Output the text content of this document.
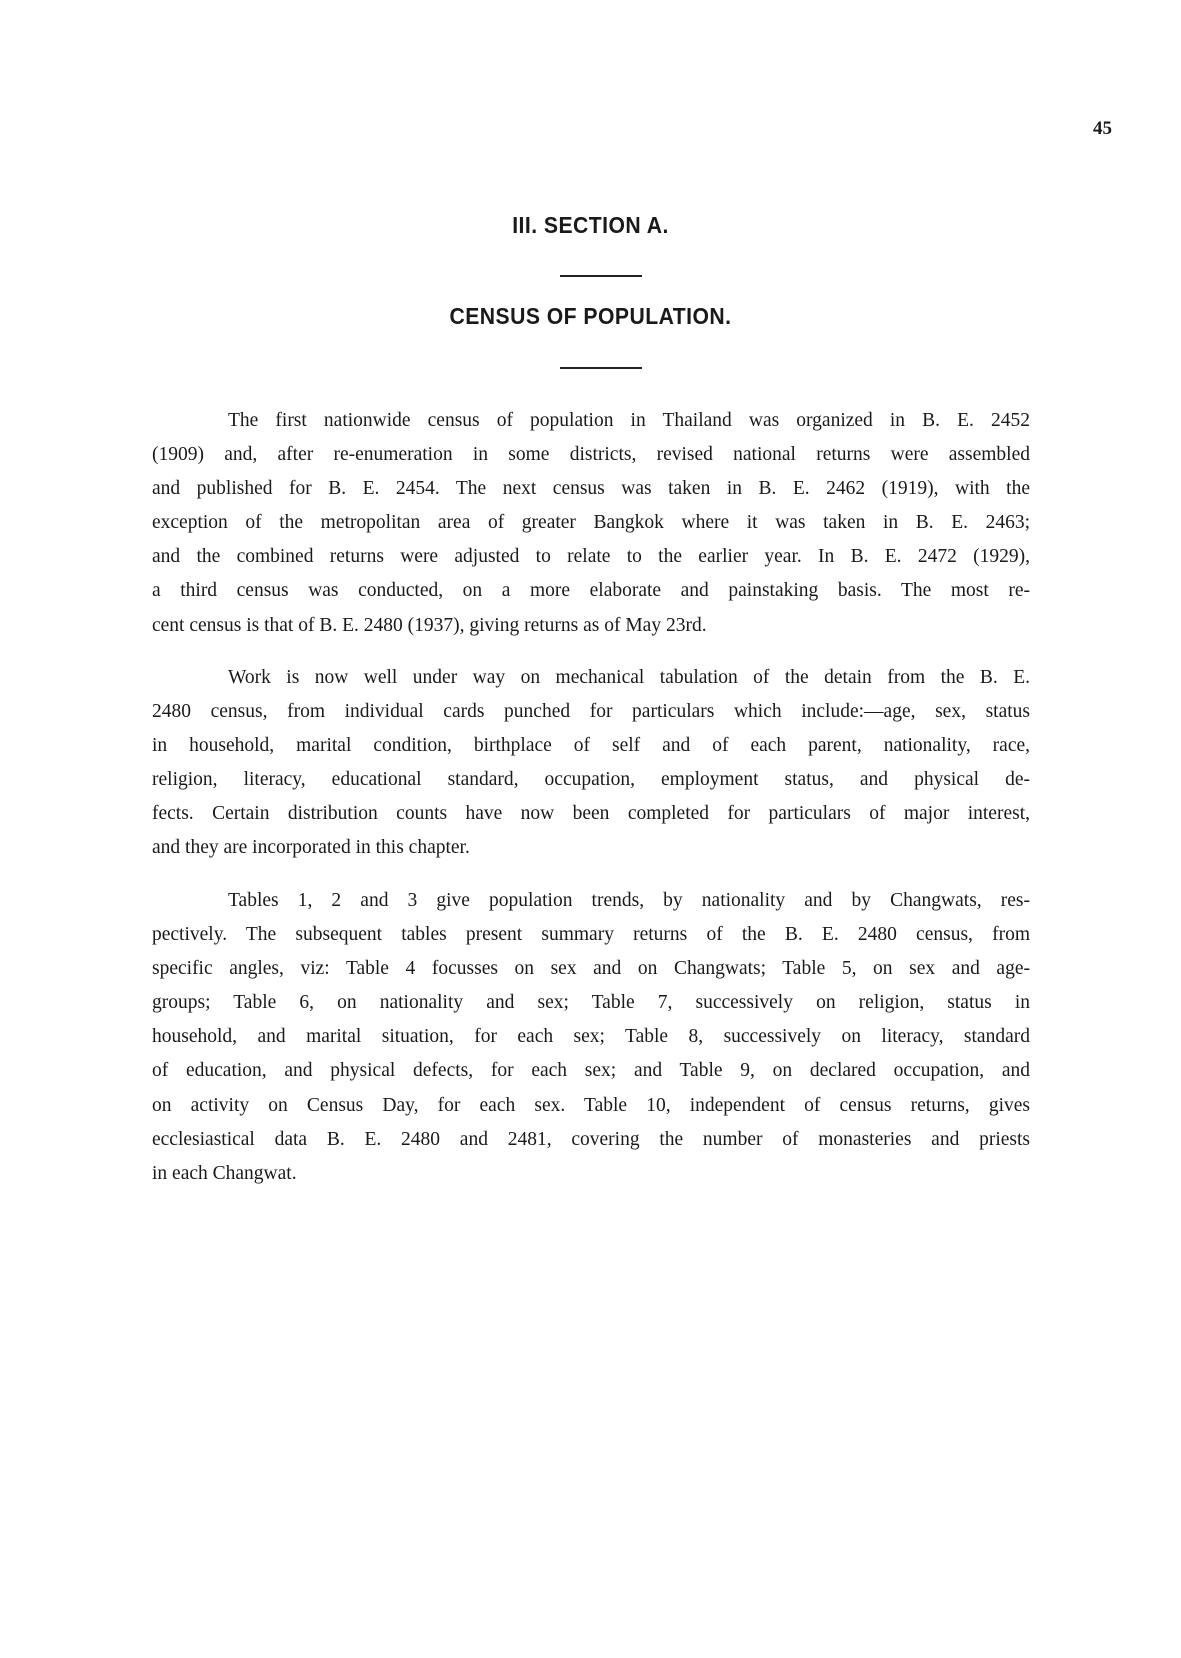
45
III. SECTION A.
CENSUS OF POPULATION.
The first nationwide census of population in Thailand was organized in B. E. 2452
(1909) and, after re-enumeration in some districts, revised national returns were assembled
and published for B. E. 2454. The next census was taken in B. E. 2462 (1919), with the
exception of the metropolitan area of greater Bangkok where it was taken in B. E. 2463;
and the combined returns were adjusted to relate to the earlier year. In B. E. 2472 (1929),
a third census was conducted, on a more elaborate and painstaking basis. The most re-
cent census is that of B. E. 2480 (1937), giving returns as of May 23rd.
Work is now well under way on mechanical tabulation of the detain from the B. E.
2480 census, from individual cards punched for particulars which include:—age, sex, status
in household, marital condition, birthplace of self and of each parent, nationality, race,
religion, literacy, educational standard, occupation, employment status, and physical de-
fects. Certain distribution counts have now been completed for particulars of major interest,
and they are incorporated in this chapter.
Tables 1, 2 and 3 give population trends, by nationality and by Changwats, res-
pectively. The subsequent tables present summary returns of the B. E. 2480 census, from
specific angles, viz: Table 4 focusses on sex and on Changwats; Table 5, on sex and age-
groups; Table 6, on nationality and sex; Table 7, successively on religion, status in
household, and marital situation, for each sex; Table 8, successively on literacy, standard
of education, and physical defects, for each sex; and Table 9, on declared occupation, and
on activity on Census Day, for each sex. Table 10, independent of census returns, gives
ecclesiastical data B. E. 2480 and 2481, covering the number of monasteries and priests
in each Changwat.
